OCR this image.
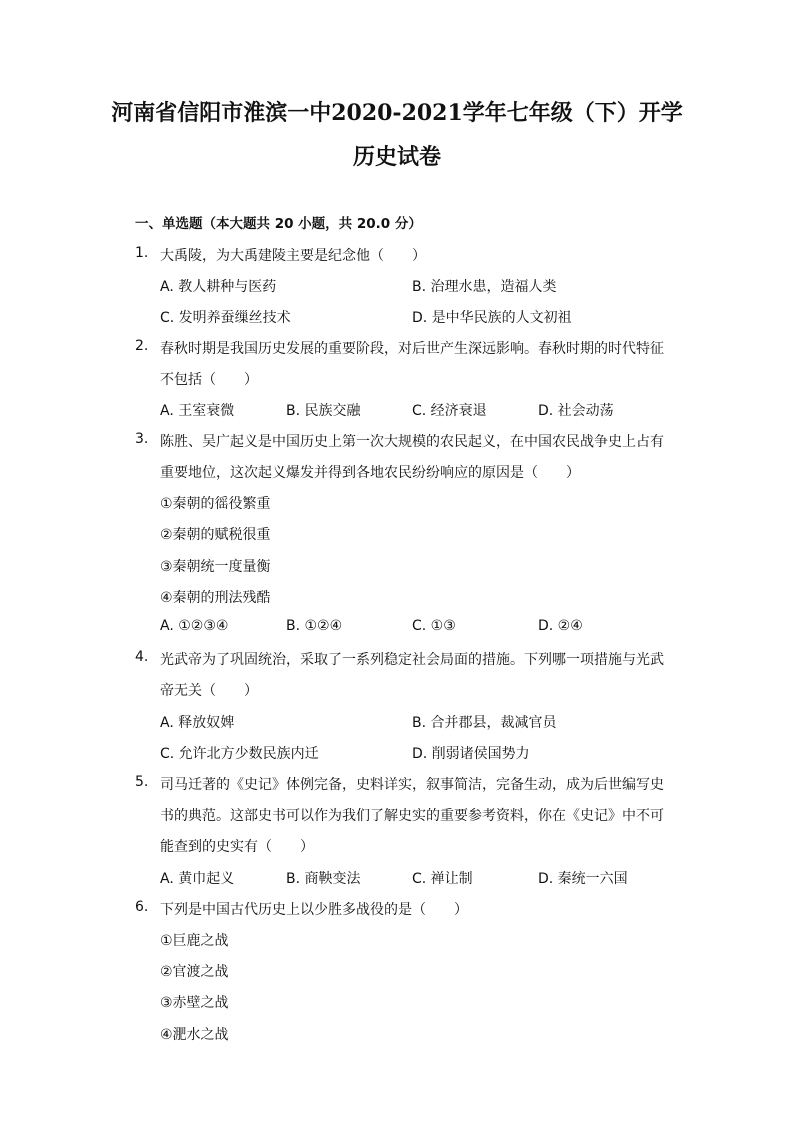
河南省信阳市淮滨一中2020-2021学年七年级（下）开学
历史试卷
一、单选题（本大题共 20 小题，共 20.0 分）
1. 大禹陵，为大禹建陵主要是纪念他（　　）
A. 教人耕种与医药	B. 治理水患，造福人类
C. 发明养蚕缫丝技术	D. 是中华民族的人文初祖
2. 春秋时期是我国历史发展的重要阶段，对后世产生深远影响。春秋时期的时代特征
不包括（　　）
A. 王室衰微	B. 民族交融	C. 经济衰退	D. 社会动荡
3. 陈胜、吴广起义是中国历史上第一次大规模的农民起义，在中国农民战争史上占有
重要地位，这次起义爆发并得到各地农民纷纷响应的原因是（　　）
①秦朝的徭役繁重
②秦朝的赋税很重
③秦朝统一度量衡
④秦朝的刑法残酷
A. ①②③④	B. ①②④	C. ①③	D. ②④
4. 光武帝为了巩固统治，采取了一系列稳定社会局面的措施。下列哪一项措施与光武
帝无关（　　）
A. 释放奴婢	B. 合并郡县，裁减官员
C. 允许北方少数民族内迁	D. 削弱诸侯国势力
5. 司马迁著的《史记》体例完备，史料详实，叙事简洁，完备生动，成为后世编写史
书的典范。这部史书可以作为我们了解史实的重要参考资料，你在《史记》中不可
能查到的史实有（　　）
A. 黄巾起义	B. 商鞅变法	C. 禅让制	D. 秦统一六国
6. 下列是中国古代历史上以少胜多战役的是（　　）
①巨鹿之战
②官渡之战
③赤壁之战
④淝水之战
